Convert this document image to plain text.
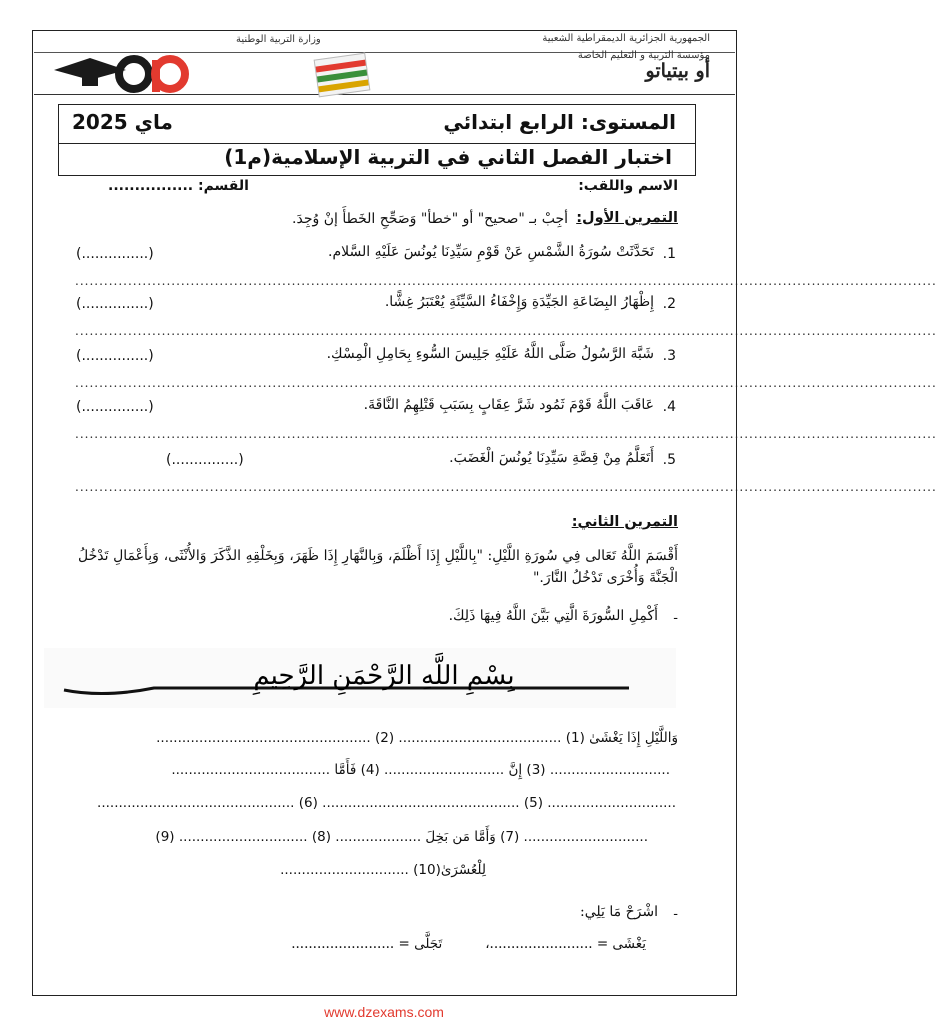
وزارة التربية الوطنية	الجمهورية الجزائرية الديمقراطية الشعبية
مؤسسة التربية و التعليم الخاصة
أو بيتياتو
المستوى: الرابع ابتدائي
ماي 2025
اختبار الفصل الثاني في التربية الإسلامية(م1)
الاسم واللقب:
القسم: ................
التمرين الأول:
أجِبْ بـ "صحيح" أو "خطأ" وَصَحِّحِ الخَطأَ إنْ وُجِدَ.
.1
تَحَدَّثَتْ سُورَةُ الشَّمْسِ عَنْ قَوْمِ سَيِّدِنَا يُونُسَ عَلَيْهِ السَّلام.
(...............)
...................................................................................................................................................................................
.2
إِظْهَارُ البِضَاعَةِ الجَيِّدَةِ وَإِخْفَاءُ السَّيِّئَةِ يُعْتَبَرُ غِشًّا.
(...............)
...................................................................................................................................................................................
.3
شَبَّهَ الرَّسُولُ صَلَّى اللَّهُ عَلَيْهِ جَلِيسَ السُّوءِ بِحَامِلِ الْمِسْكِ.
(...............)
...................................................................................................................................................................................
.4
عَاقَبَ اللَّهُ قَوْمَ ثَمُود شَرَّ عِقَابٍ بِسَبَبِ قَتْلِهِمُ النَّاقَةَ.
(...............)
...................................................................................................................................................................................
.5
أَتَعَلَّمُ مِنْ قِصَّةِ سَيِّدِنَا يُونُسَ الْغَضَبَ.
(...............)
...................................................................................................................................................................................
التمرين الثاني:
أَقْسَمَ اللَّهُ تَعَالى فِي سُورَةِ اللَّيْلِ: "بِاللَّيْلِ إِذَا أَظْلَمَ، وَبِالنَّهَارِ إِذَا ظَهَرَ، وَبِخَلْقِهِ الذَّكَرَ وَالأُنْثَى، وَبِأَعْمَالِ تَدْخُلُ الْجَنَّةَ وَأُخْرَى تَدْخُلُ النَّارَ."
-
أَكْمِلِ السُّورَةَ الَّتِي بَيَّنَ اللَّهُ فِيهَا ذَلِكَ.
بِسْمِ اللَّهِ الرَّحْمَنِ الرَّحِيمِ
وَاللَّيْلِ إِذَا يَغْشَىٰ (1) ...................................... (2) ..................................................
............................ (3) إِنَّ ............................ (4) فَأَمَّا .....................................
.............................. (5) .............................................. (6) ..............................................
............................. (7) وَأَمَّا مَن بَخِلَ .................... (8) .............................. (9)
لِلْعُسْرَىٰ(10) ..............................
-
اشْرَحْ مَا يَلِي:
يَغْشَى = ........................،          تَجَلَّى = ........................
www.dzexams.com
